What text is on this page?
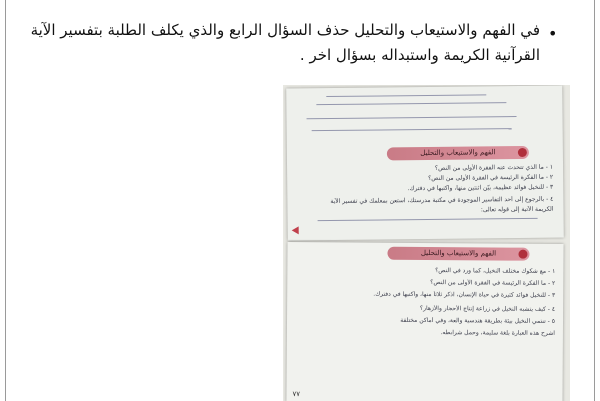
•
في الفهم والاستيعاب والتحليل حذف السؤال الرابع والذي يكلف الطلبة بتفسير الآية القرآنية الكريمة واستبداله بسؤال اخر .
الفهم والاستيعاب والتحليل
١ - ما الذي تتحدث عنه الفقرة الأولى من النص؟
٢ - ما الفكرة الرئيسة في الفقرة الأولى من النص؟
٣ - للنخيل فوائد عظيمة، بيّن اثنتين منها، واكتبها في دفترك.
٤ - بالرجوع إلى أحد التفاسير الموجودة في مكتبة مدرستك، استعن بمعلمك في تفسير الآية
الكريمة الآتية إلى قوله تعالى:
الفهم والاستيعاب والتحليل
١ - مع شكوك مختلف النخيل، كما ورد في النص؟
٢ - ما الفكرة الرئيسة في الفقرة الأولى من النص؟
٣ - للنخيل فوائد كثيرة في حياة الإنسان، اذكر ثلاثاً منها، واكتبها في دفترك.
٤ - كيف يتشبه النخيل في زراعة إنتاج الأحجار والأزهار؟
٥ - تنتمي النخيل بيئة بطريقة هندسية والعة، وفي أماكن مختلفة
اشرح هذه العبارة بلغة سليمة، وحمل شرابطه.
٧٧
